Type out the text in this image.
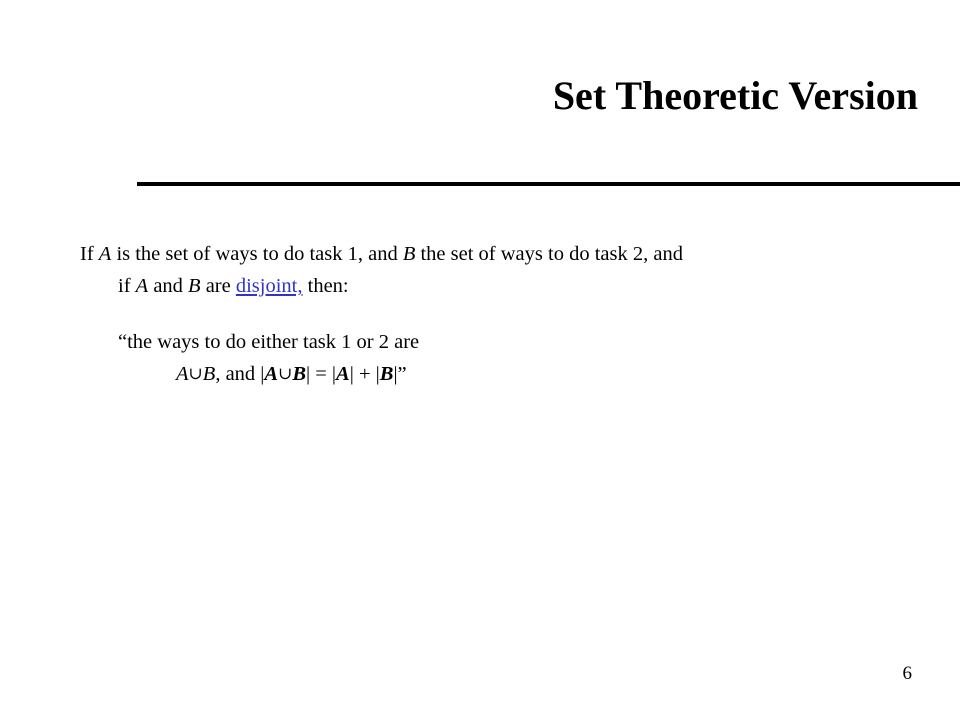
Set Theoretic Version

If A is the set of ways to do task 1, and B the set of ways to do task 2, and
if A and B are disjoint, then:

“the ways to do either task 1 or 2 are

A∪B, and |A∪B| = |A| + |B|”

6
